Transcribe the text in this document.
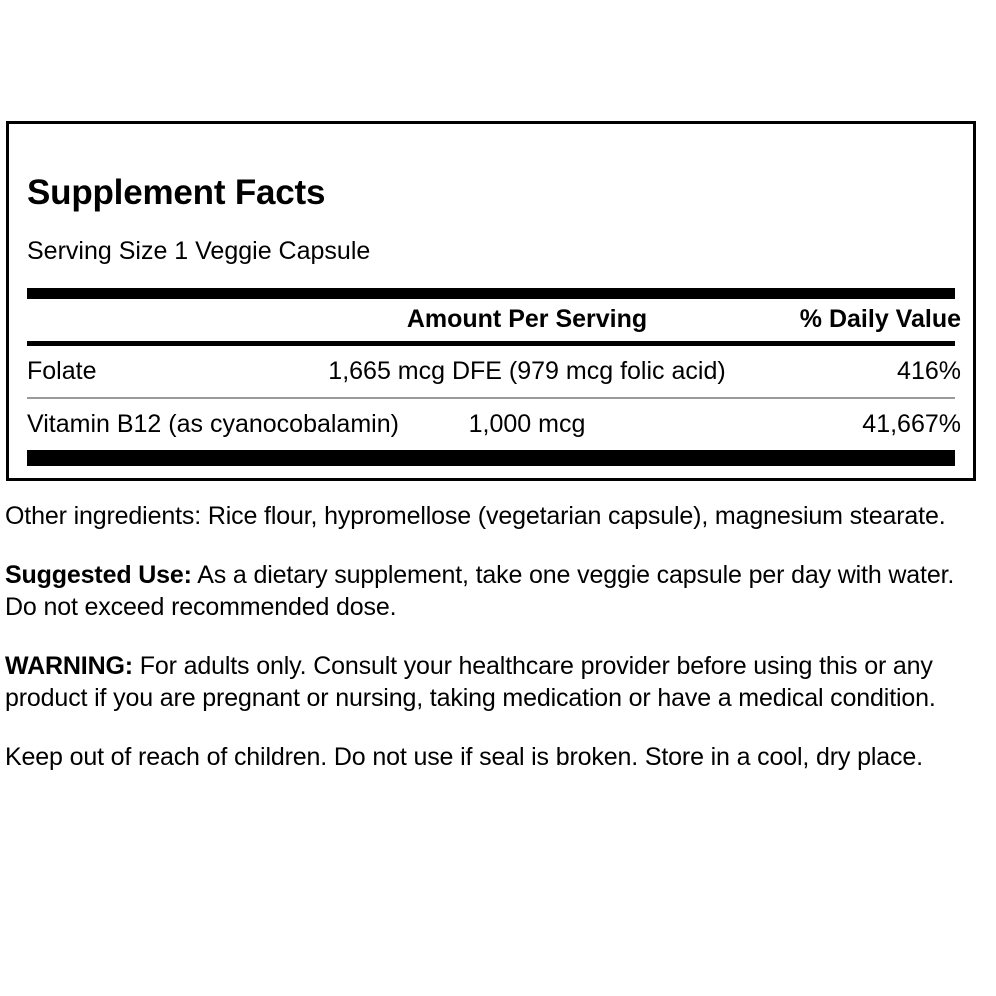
Supplement Facts
Serving Size 1 Veggie Capsule
	Amount Per Serving	% Daily Value
Folate	1,665 mcg DFE (979 mcg folic acid)	416%
Vitamin B12 (as cyanocobalamin)	1,000 mcg	41,667%

Other ingredients: Rice flour, hypromellose (vegetarian capsule), magnesium stearate.

Suggested Use: As a dietary supplement, take one veggie capsule per day with water. Do not exceed recommended dose.

WARNING: For adults only. Consult your healthcare provider before using this or any product if you are pregnant or nursing, taking medication or have a medical condition.

Keep out of reach of children. Do not use if seal is broken. Store in a cool, dry place.
